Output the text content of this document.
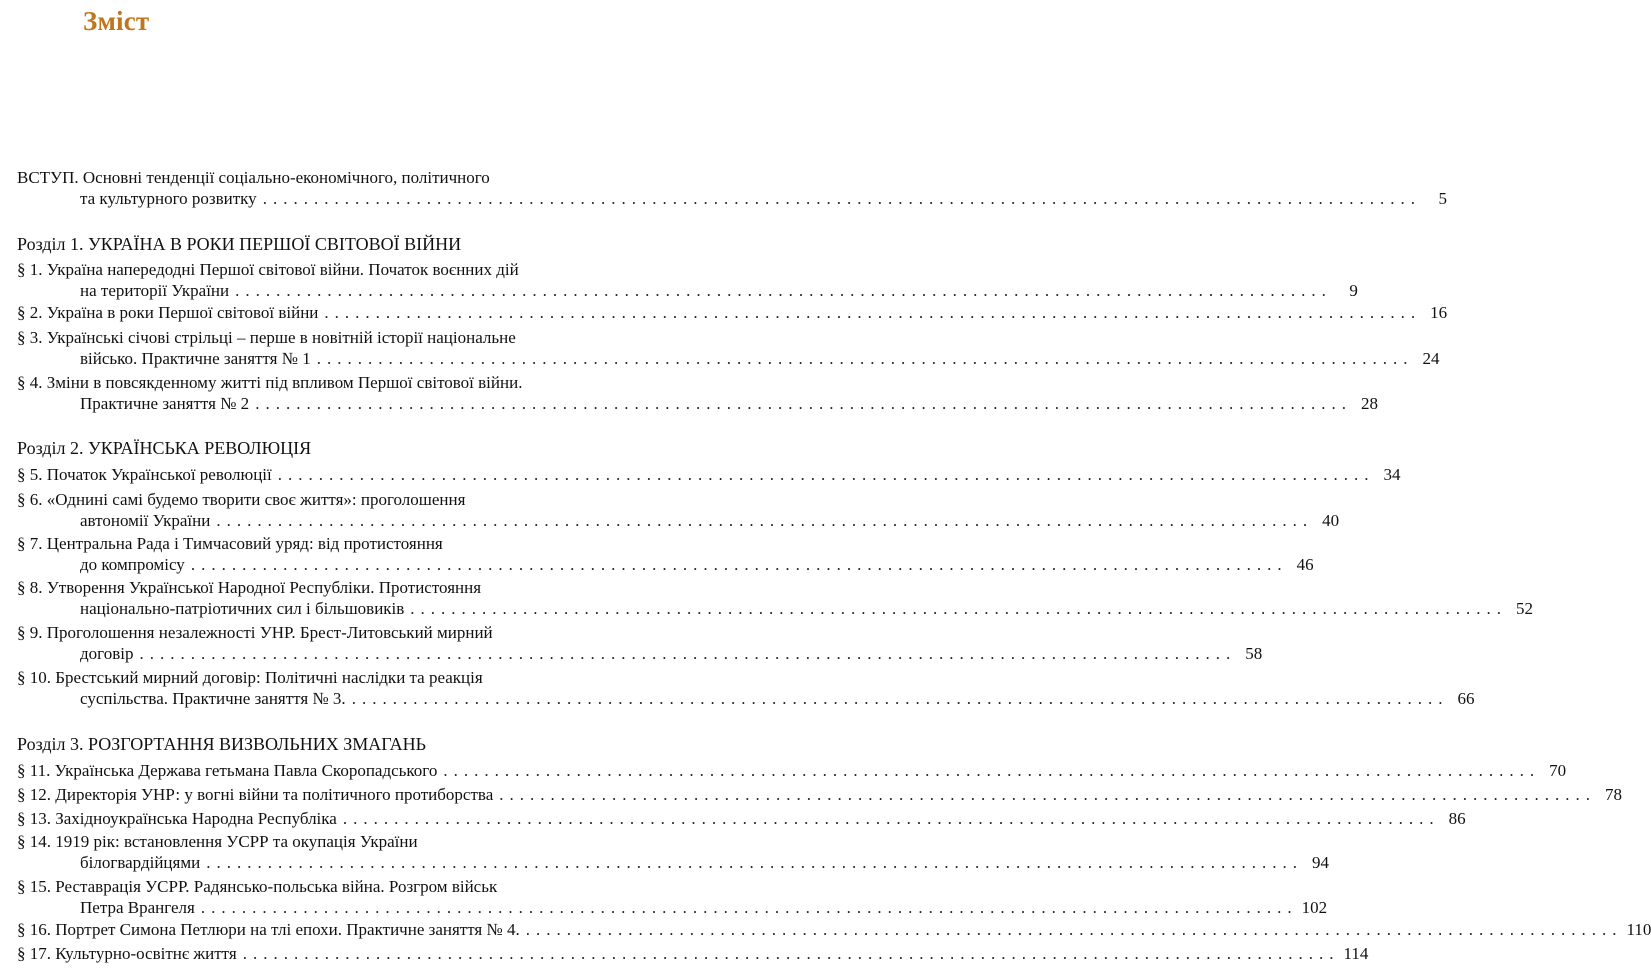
Зміст
ВСТУП. Основні тенденції соціально-економічного, політичного
та культурного розвитку .................................................................................................................	5
Розділ 1. УКРАЇНА В РОКИ ПЕРШОЇ СВІТОВОЇ ВІЙНИ
§ 1. Україна напередодні Першої світової війни. Початок воєнних дій
на території України ...........................................................................................................	9
§ 2. Україна в роки Першої світової війни ........................................................................................................... 16
§ 3. Українські січові стрільці – перше в новітній історії національне
військо. Практичне заняття № 1 ........................................................................................................... 24
§ 4. Зміни в повсякденному житті під впливом Першої світової війни.
Практичне заняття № 2 ........................................................................................................... 28
Розділ 2. УКРАЇНСЬКА РЕВОЛЮЦІЯ
§ 5. Початок Української революції ........................................................................................................... 34
§ 6. «Однині самі будемо творити своє життя»: проголошення
автономії України ........................................................................................................... 40
§ 7. Центральна Рада і Тимчасовий уряд: від протистояння
до компромісу ........................................................................................................... 46
§ 8. Утворення Української Народної Республіки. Протистояння
національно-патріотичних сил і більшовиків ........................................................................................................... 52
§ 9. Проголошення незалежності УНР. Брест-Литовський мирний
договір ........................................................................................................... 58
§ 10. Брестський мирний договір: Політичні наслідки та реакція
суспільства. Практичне заняття № 3. ........................................................................................................... 66
Розділ 3. РОЗГОРТАННЯ ВИЗВОЛЬНИХ ЗМАГАНЬ
§ 11. Українська Держава гетьмана Павла Скоропадського ........................................................................................................... 70
§ 12. Директорія УНР: у вогні війни та політичного протиборства ........................................................................................................... 78
§ 13. Західноукраїнська Народна Республіка ........................................................................................................... 86
§ 14. 1919 рік: встановлення УСРР та окупація України
білогвардійцями ........................................................................................................... 94
§ 15. Реставрація УСРР. Радянсько-польська війна. Розгром військ
Петра Врангеля ........................................................................................................... 102
§ 16. Портрет Симона Петлюри на тлі епохи. Практичне заняття № 4. ........................................................................................................... 110
§ 17. Культурно-освітнє життя ........................................................................................................... 114
